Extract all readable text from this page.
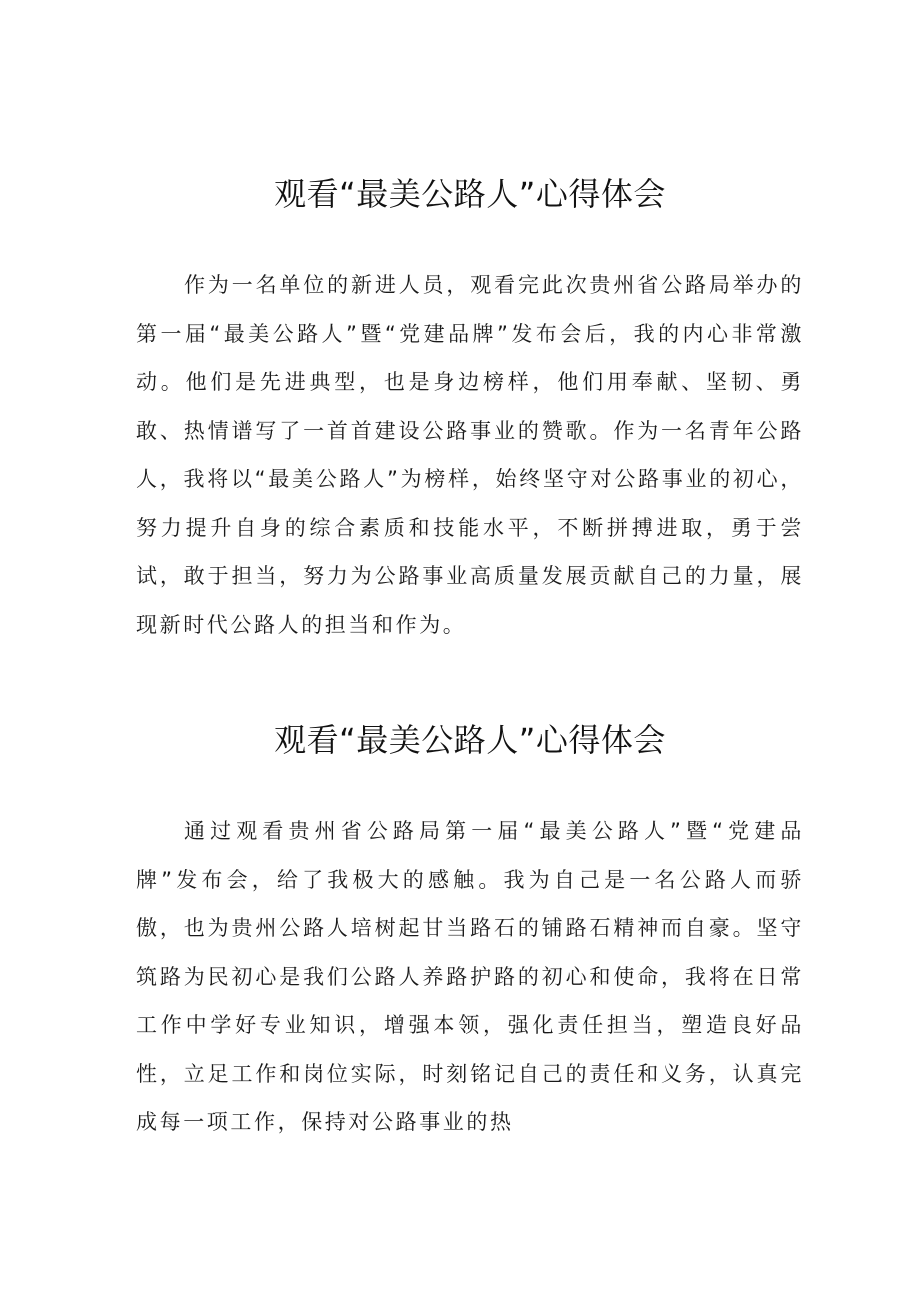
观看“最美公路人”心得体会

作为一名单位的新进人员，观看完此次贵州省公路局举办的第一届“最美公路人”暨“党建品牌”发布会后，我的内心非常激动。他们是先进典型，也是身边榜样，他们用奉献、坚韧、勇敢、热情谱写了一首首建设公路事业的赞歌。作为一名青年公路人，我将以“最美公路人”为榜样，始终坚守对公路事业的初心，努力提升自身的综合素质和技能水平，不断拼搏进取，勇于尝试，敢于担当，努力为公路事业高质量发展贡献自己的力量，展现新时代公路人的担当和作为。

观看“最美公路人”心得体会

通过观看贵州省公路局第一届“最美公路人”暨“党建品牌”发布会，给了我极大的感触。我为自己是一名公路人而骄傲，也为贵州公路人培树起甘当路石的铺路石精神而自豪。坚守筑路为民初心是我们公路人养路护路的初心和使命，我将在日常工作中学好专业知识，增强本领，强化责任担当，塑造良好品性，立足工作和岗位实际，时刻铭记自己的责任和义务，认真完成每一项工作，保持对公路事业的热
